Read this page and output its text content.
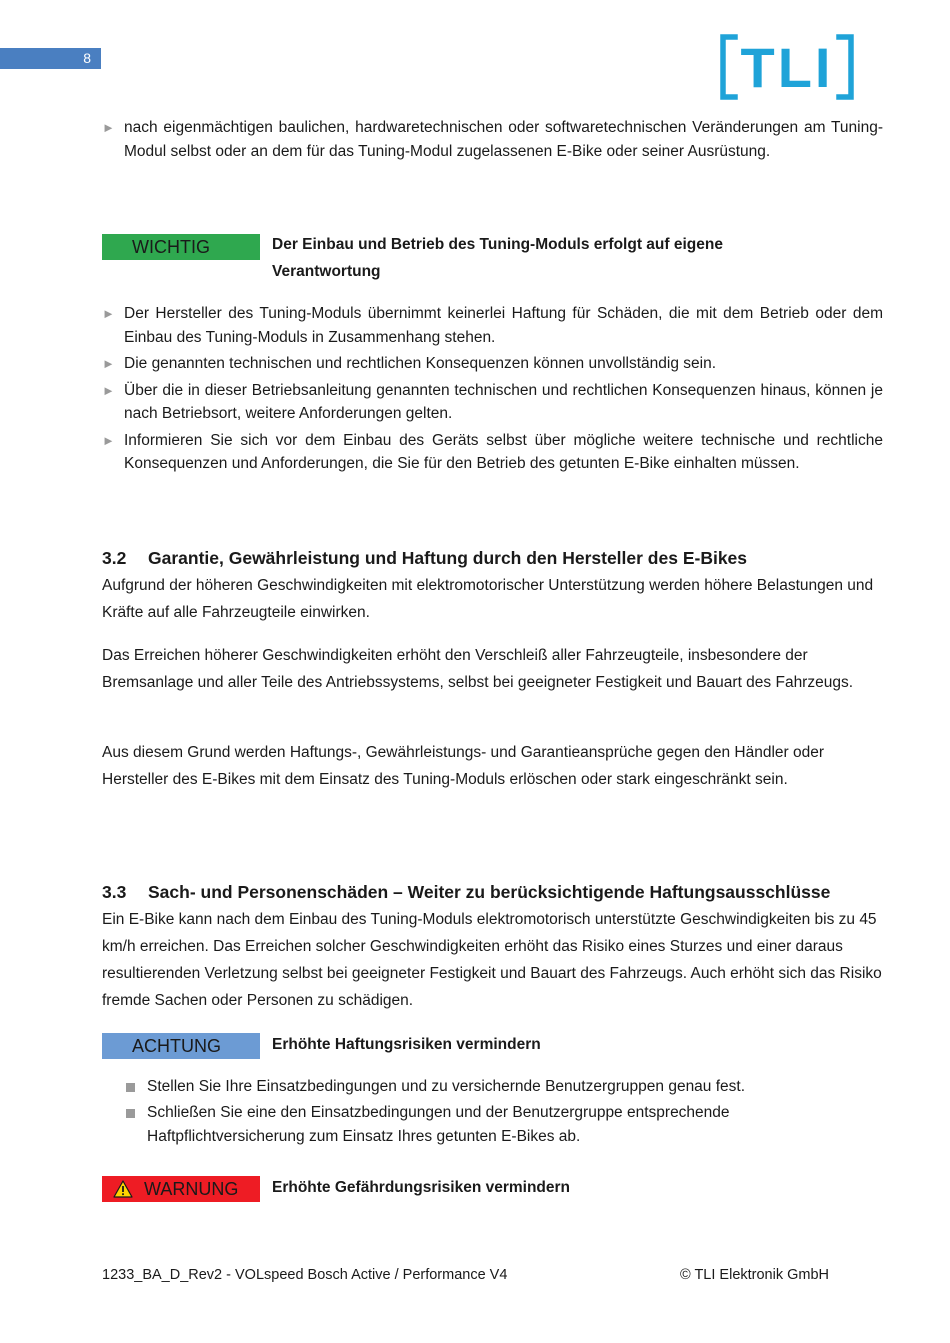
8	TLI
► nach eigenmächtigen baulichen, hardwaretechnischen oder softwaretechnischen Veränderungen am Tuning-Modul selbst oder an dem für das Tuning-Modul zugelassenen E-Bike oder seiner Ausrüstung.
WICHTIG	Der Einbau und Betrieb des Tuning-Moduls erfolgt auf eigene Verantwortung
► Der Hersteller des Tuning-Moduls übernimmt keinerlei Haftung für Schäden, die mit dem Betrieb oder dem Einbau des Tuning-Moduls in Zusammenhang stehen.
► Die genannten technischen und rechtlichen Konsequenzen können unvollständig sein.
► Über die in dieser Betriebsanleitung genannten technischen und rechtlichen Konsequenzen hinaus, können je nach Betriebsort, weitere Anforderungen gelten.
► Informieren Sie sich vor dem Einbau des Geräts selbst über mögliche weitere technische und rechtliche Konsequenzen und Anforderungen, die Sie für den Betrieb des getunten E-Bike einhalten müssen.
3.2 Garantie, Gewährleistung und Haftung durch den Hersteller des E-Bikes

Aufgrund der höheren Geschwindigkeiten mit elektromotorischer Unterstützung werden höhere Belastungen und Kräfte auf alle Fahrzeugteile einwirken.

Das Erreichen höherer Geschwindigkeiten erhöht den Verschleiß aller Fahrzeugteile, insbesondere der Bremsanlage und aller Teile des Antriebssystems, selbst bei geeigneter Festigkeit und Bauart des Fahrzeugs.

Aus diesem Grund werden Haftungs-, Gewährleistungs- und Garantieansprüche gegen den Händler oder Hersteller des E-Bikes mit dem Einsatz des Tuning-Moduls erlöschen oder stark eingeschränkt sein.

3.3 Sach- und Personenschäden – Weiter zu berücksichtigende Haftungsausschlüsse

Ein E-Bike kann nach dem Einbau des Tuning-Moduls elektromotorisch unterstützte Geschwindigkeiten bis zu 45 km/h erreichen. Das Erreichen solcher Geschwindigkeiten erhöht das Risiko eines Sturzes und einer daraus resultierenden Verletzung selbst bei geeigneter Festigkeit und Bauart des Fahrzeugs. Auch erhöht sich das Risiko fremde Sachen oder Personen zu schädigen.

ACHTUNG	Erhöhte Haftungsrisiken vermindern
Stellen Sie Ihre Einsatzbedingungen und zu versichernde Benutzergruppen genau fest.
Schließen Sie eine den Einsatzbedingungen und der Benutzergruppe entsprechende Haftpflichtversicherung zum Einsatz Ihres getunten E-Bikes ab.
WARNUNG	Erhöhte Gefährdungsrisiken vermindern
1233_BA_D_Rev2 - VOLspeed Bosch Active / Performance V4	© TLI Elektronik GmbH
